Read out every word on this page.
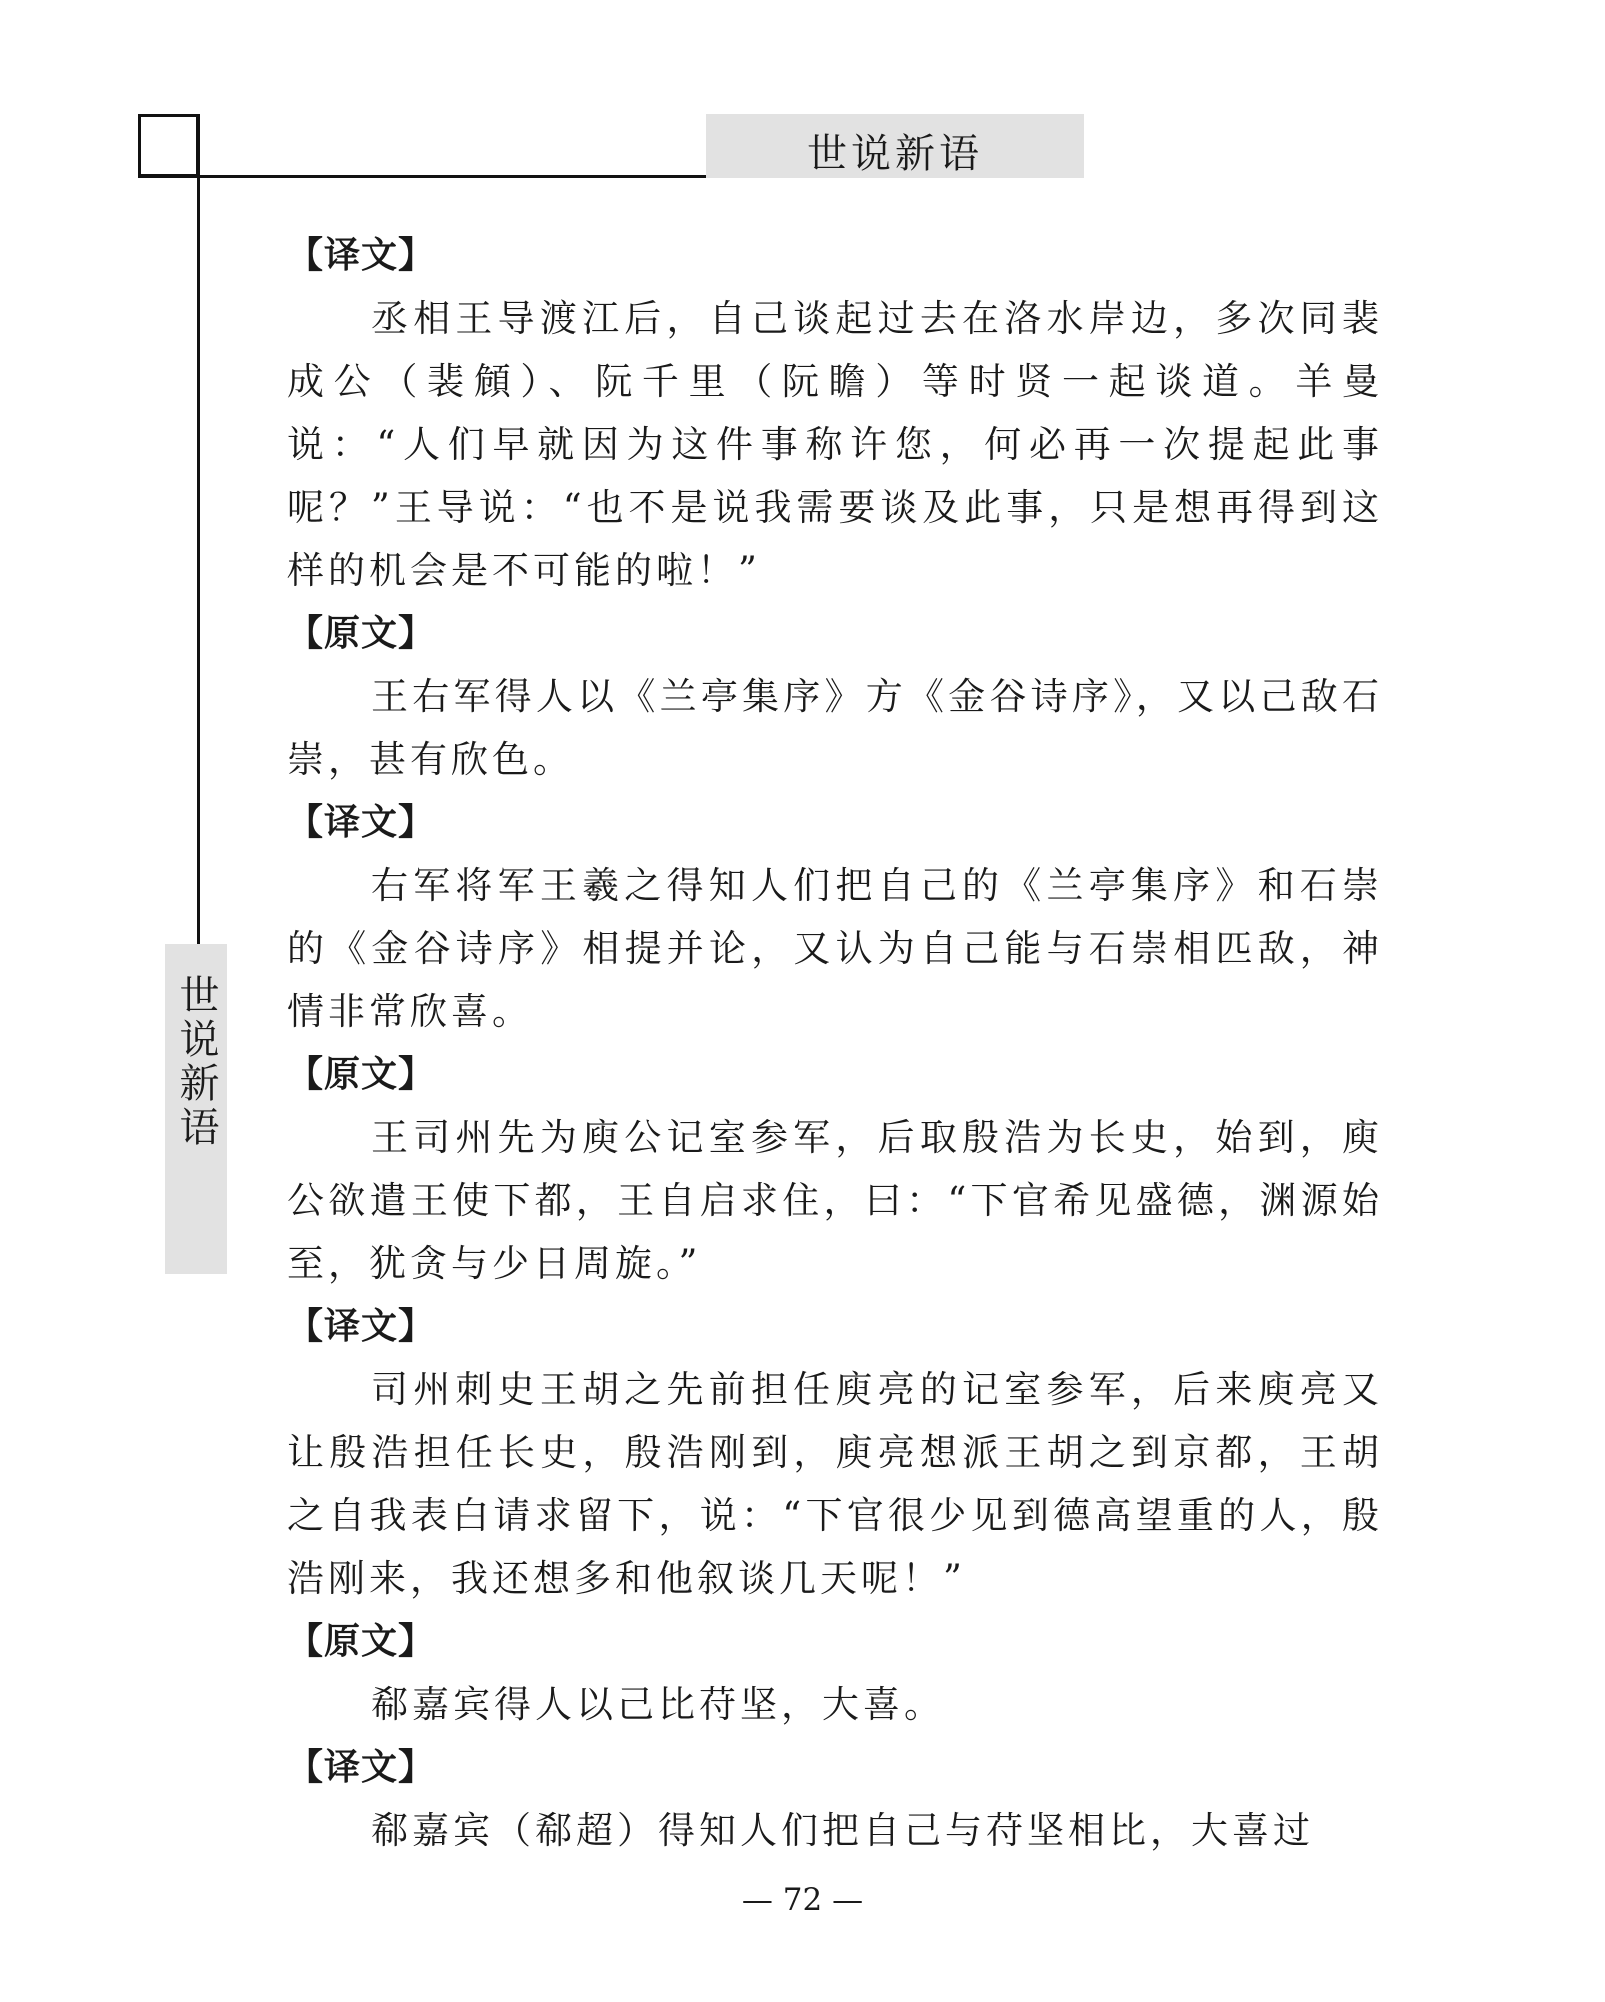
世说新语
世说新语
【译文】

丞相王导渡江后，自己谈起过去在洛水岸边，多次同裴成公（裴頠）、阮千里（阮瞻）等时贤一起谈道。羊曼说：“人们早就因为这件事称许您，何必再一次提起此事呢？”王导说：“也不是说我需要谈及此事，只是想再得到这样的机会是不可能的啦！”

【原文】

王右军得人以《兰亭集序》方《金谷诗序》，又以己敌石崇，甚有欣色。

【译文】

右军将军王羲之得知人们把自己的《兰亭集序》和石崇的《金谷诗序》相提并论，又认为自己能与石崇相匹敌，神情非常欣喜。

【原文】

王司州先为庾公记室参军，后取殷浩为长史，始到，庾公欲遣王使下都，王自启求住，曰：“下官希见盛德，渊源始至，犹贪与少日周旋。”

【译文】

司州刺史王胡之先前担任庾亮的记室参军，后来庾亮又让殷浩担任长史，殷浩刚到，庾亮想派王胡之到京都，王胡之自我表白请求留下，说：“下官很少见到德高望重的人，殷浩刚来，我还想多和他叙谈几天呢！”

【原文】

郗嘉宾得人以己比苻坚，大喜。

【译文】

郗嘉宾（郗超）得知人们把自己与苻坚相比，大喜过

— 72 —
